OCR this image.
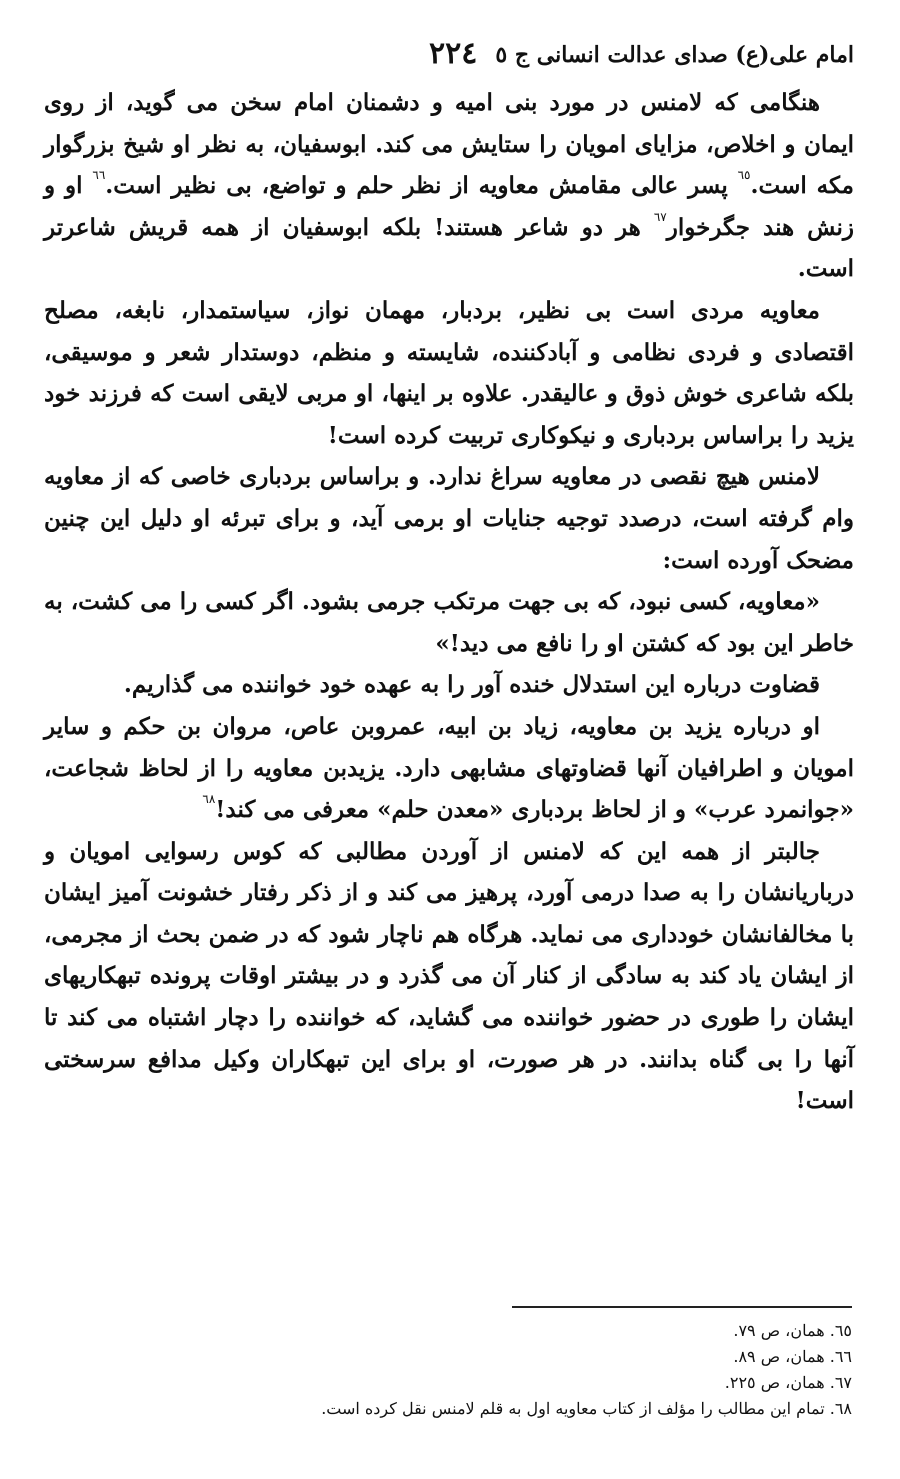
امام علی(ع) صدای عدالت انسانی ج ٥
٢٢٤

هنگامی که لامنس در مورد بنی امیه و دشمنان امام سخن می گوید، از روی ایمان و اخلاص، مزایای امویان را ستایش می کند. ابوسفیان، به نظر او شیخ بزرگوار مکه است.$^{٦٥}$ پسر عالی مقامش معاویه از نظر حلم و تواضع، بی نظیر است.$^{٦٦}$ او و زنش هند جگرخوار$^{٦٧}$ هر دو شاعر هستند! بلکه ابوسفیان از همه قریش شاعرتر است.

معاویه مردی است بی نظیر، بردبار، مهمان نواز، سیاستمدار، نابغه، مصلح اقتصادی و فردی نظامی و آبادکننده، شایسته و منظم، دوستدار شعر و موسیقی، بلکه شاعری خوش ذوق و عالیقدر. علاوه بر اینها، او مربی لایقی است که فرزند خود یزید را براساس بردباری و نیکوکاری تربیت کرده است!

لامنس هیچ نقصی در معاویه سراغ ندارد. و براساس بردباری خاصی که از معاویه وام گرفته است، درصدد توجیه جنایات او برمی آید، و برای تبرئه او دلیل این چنین مضحک آورده است:

«معاویه، کسی نبود، که بی جهت مرتکب جرمی بشود. اگر کسی را می کشت، به خاطر این بود که کشتن او را نافع می دید!»

قضاوت درباره این استدلال خنده آور را به عهده خود خواننده می گذاریم.

او درباره یزید بن معاویه، زیاد بن ابیه، عمروبن عاص، مروان بن حکم و سایر امویان و اطرافیان آنها قضاوتهای مشابهی دارد. یزیدبن معاویه را از لحاظ شجاعت، «جوانمرد عرب» و از لحاظ بردباری «معدن حلم» معرفی می کند!$^{٦٨}$

جالبتر از همه این که لامنس از آوردن مطالبی که کوس رسوایی امویان و درباریانشان را به صدا درمی آورد، پرهیز می کند و از ذکر رفتار خشونت آمیز ایشان با مخالفانشان خودداری می نماید. هرگاه هم ناچار شود که در ضمن بحث از مجرمی، از ایشان یاد کند به سادگی از کنار آن می گذرد و در بیشتر اوقات پرونده تبهکاریهای ایشان را طوری در حضور خواننده می گشاید، که خواننده را دچار اشتباه می کند تا آنها را بی گناه بدانند. در هر صورت، او برای این تبهکاران وکیل مدافع سرسختی است!

٦٥. همان، ص ٧٩.
٦٦. همان، ص ٨٩.
٦٧. همان، ص ٢٢٥.
٦٨. تمام این مطالب را مؤلف از کتاب معاویه اول به قلم لامنس نقل کرده است.
